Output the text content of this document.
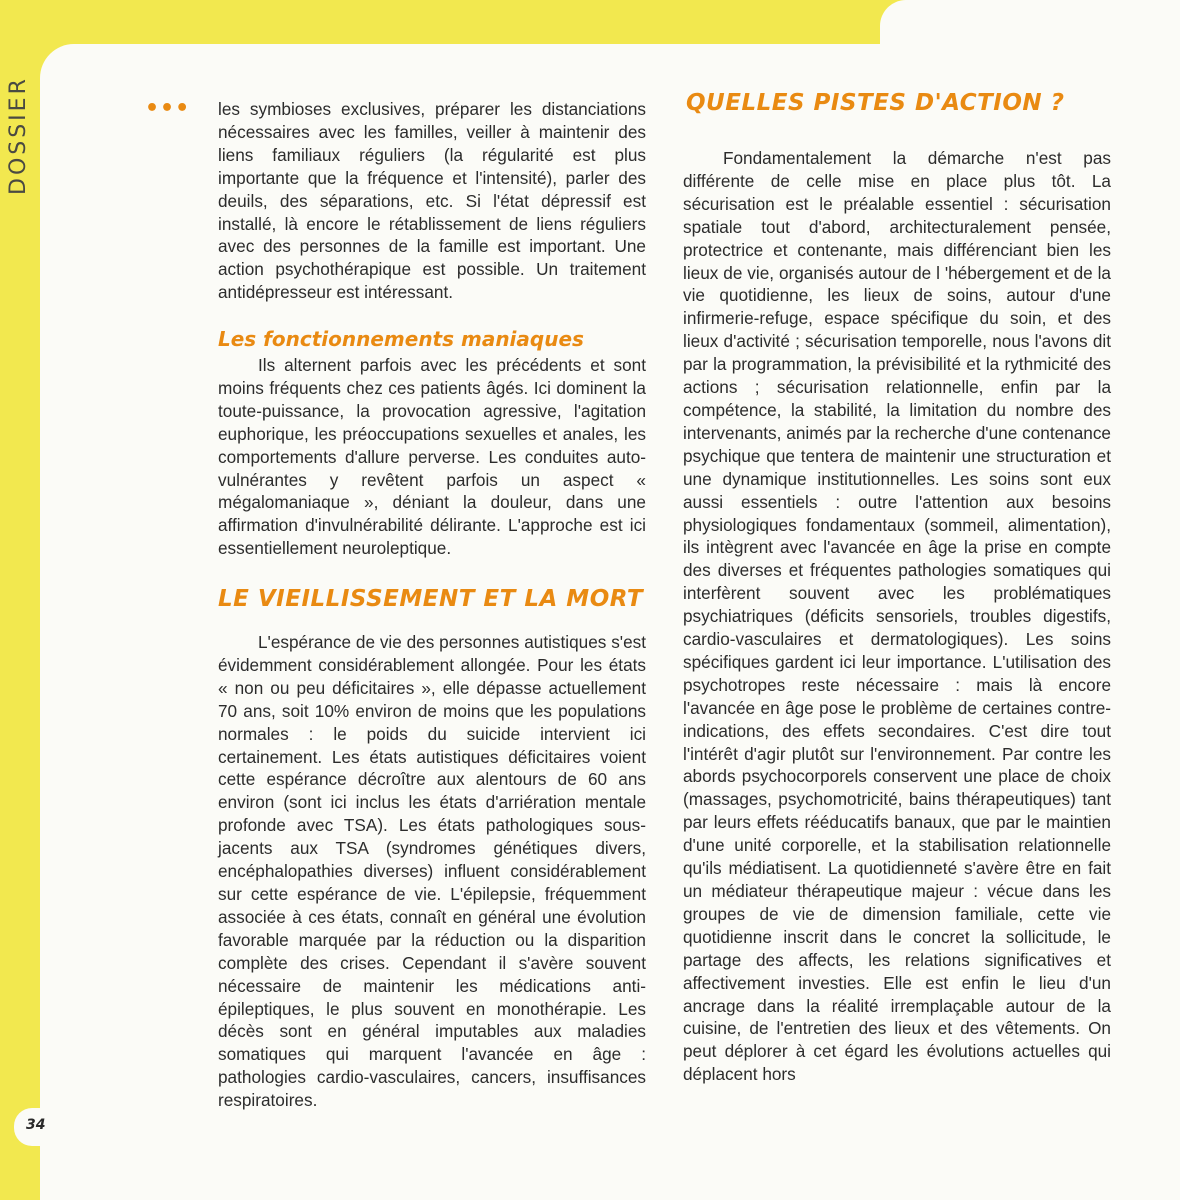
DOSSIER	••• les symbioses exclusives, préparer les distanciations nécessaires avec les familles, veiller à maintenir des liens familiaux réguliers (la régularité est plus importante que la fréquence et l'intensité), parler des deuils, des séparations, etc. Si l'état dépressif est installé, là encore le rétablissement de liens réguliers avec des personnes de la famille est important. Une action psychothérapique est possible. Un traitement antidépresseur est intéressant.

Les fonctionnements maniaques

Ils alternent parfois avec les précédents et sont moins fréquents chez ces patients âgés. Ici dominent la toute-puissance, la provocation agressive, l'agitation euphorique, les préoccupations sexuelles et anales, les comportements d'allure perverse. Les conduites auto-vulnérantes y revêtent parfois un aspect « mégalomaniaque », déniant la douleur, dans une affirmation d'invulnérabilité délirante. L'approche est ici essentiellement neuroleptique.

LE VIEILLISSEMENT ET LA MORT

L'espérance de vie des personnes autistiques s'est évidemment considérablement allongée. Pour les états « non ou peu déficitaires », elle dépasse actuellement 70 ans, soit 10% environ de moins que les populations normales : le poids du suicide intervient ici certainement. Les états autistiques déficitaires voient cette espérance décroître aux alentours de 60 ans environ (sont ici inclus les états d'arriération mentale profonde avec TSA). Les états pathologiques sous-jacents aux TSA (syndromes génétiques divers, encéphalopathies diverses) influent considérablement sur cette espérance de vie. L'épilepsie, fréquemment associée à ces états, connaît en général une évolution favorable marquée par la réduction ou la disparition complète des crises. Cependant il s'avère souvent nécessaire de maintenir les médications anti-épileptiques, le plus souvent en monothérapie. Les décès sont en général imputables aux maladies somatiques qui marquent l'avancée en âge : pathologies cardio-vasculaires, cancers, insuffisances respiratoires.

QUELLES PISTES D'ACTION ?

Fondamentalement la démarche n'est pas différente de celle mise en place plus tôt. La sécurisation est le préalable essentiel : sécurisation spatiale tout d'abord, architecturalement pensée, protectrice et contenante, mais différenciant bien les lieux de vie, organisés autour de l 'hébergement et de la vie quotidienne, les lieux de soins, autour d'une infirmerie-refuge, espace spécifique du soin, et des lieux d'activité ; sécurisation temporelle, nous l'avons dit par la programmation, la prévisibilité et la rythmicité des actions ; sécurisation relationnelle, enfin par la compétence, la stabilité, la limitation du nombre des intervenants, animés par la recherche d'une contenance psychique que tentera de maintenir une structuration et une dynamique institutionnelles. Les soins sont eux aussi essentiels : outre l'attention aux besoins physiologiques fondamentaux (sommeil, alimentation), ils intègrent avec l'avancée en âge la prise en compte des diverses et fréquentes pathologies somatiques qui interfèrent souvent avec les problématiques psychiatriques (déficits sensoriels, troubles digestifs, cardio-vasculaires et dermatologiques). Les soins spécifiques gardent ici leur importance. L'utilisation des psychotropes reste nécessaire : mais là encore l'avancée en âge pose le problème de certaines contre-indications, des effets secondaires. C'est dire tout l'intérêt d'agir plutôt sur l'environnement. Par contre les abords psychocorporels conservent une place de choix (massages, psychomotricité, bains thérapeutiques) tant par leurs effets rééducatifs banaux, que par le maintien d'une unité corporelle, et la stabilisation relationnelle qu'ils médiatisent. La quotidienneté s'avère être en fait un médiateur thérapeutique majeur : vécue dans les groupes de vie de dimension familiale, cette vie quotidienne inscrit dans le concret la sollicitude, le partage des affects, les relations significatives et affectivement investies. Elle est enfin le lieu d'un ancrage dans la réalité irremplaçable autour de la cuisine, de l'entretien des lieux et des vêtements. On peut déplorer à cet égard les évolutions actuelles qui déplacent hors

34
